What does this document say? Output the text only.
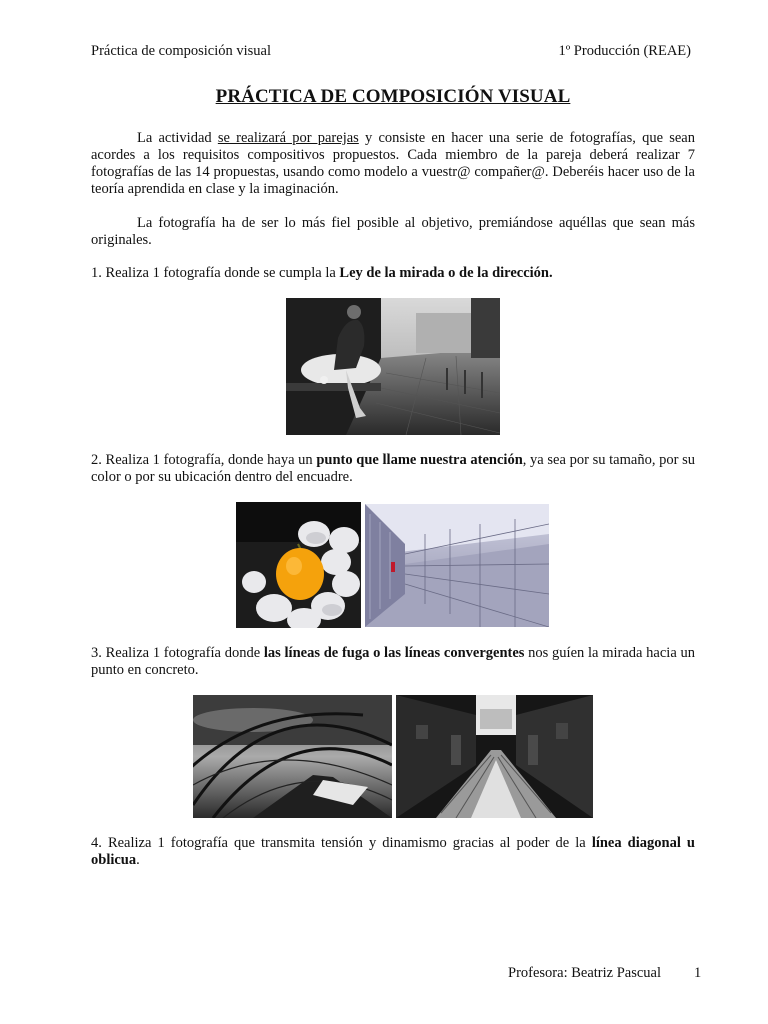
Práctica de composición visual	1º Producción (REAE)
PRÁCTICA DE COMPOSICIÓN VISUAL

La actividad se realizará por parejas y consiste en hacer una serie de fotografías, que sean acordes a los requisitos compositivos propuestos. Cada miembro de la pareja deberá realizar 7 fotografías de las 14 propuestas, usando como modelo a vuestr@ compañer@. Deberéis hacer uso de la teoría aprendida en clase y la imaginación.

La fotografía ha de ser lo más fiel posible al objetivo, premiándose aquéllas que sean más originales.

1. Realiza 1 fotografía donde se cumpla la Ley de la mirada o de la dirección.

2. Realiza 1 fotografía, donde haya un punto que llame nuestra atención, ya sea por su tamaño, por su color o por su ubicación dentro del encuadre.

3. Realiza 1 fotografía donde las líneas de fuga o las líneas convergentes nos guíen la mirada hacia un punto en concreto.

4. Realiza 1 fotografía que transmita tensión y dinamismo gracias al poder de la línea diagonal u oblicua.

Profesora: Beatriz Pascual 1
